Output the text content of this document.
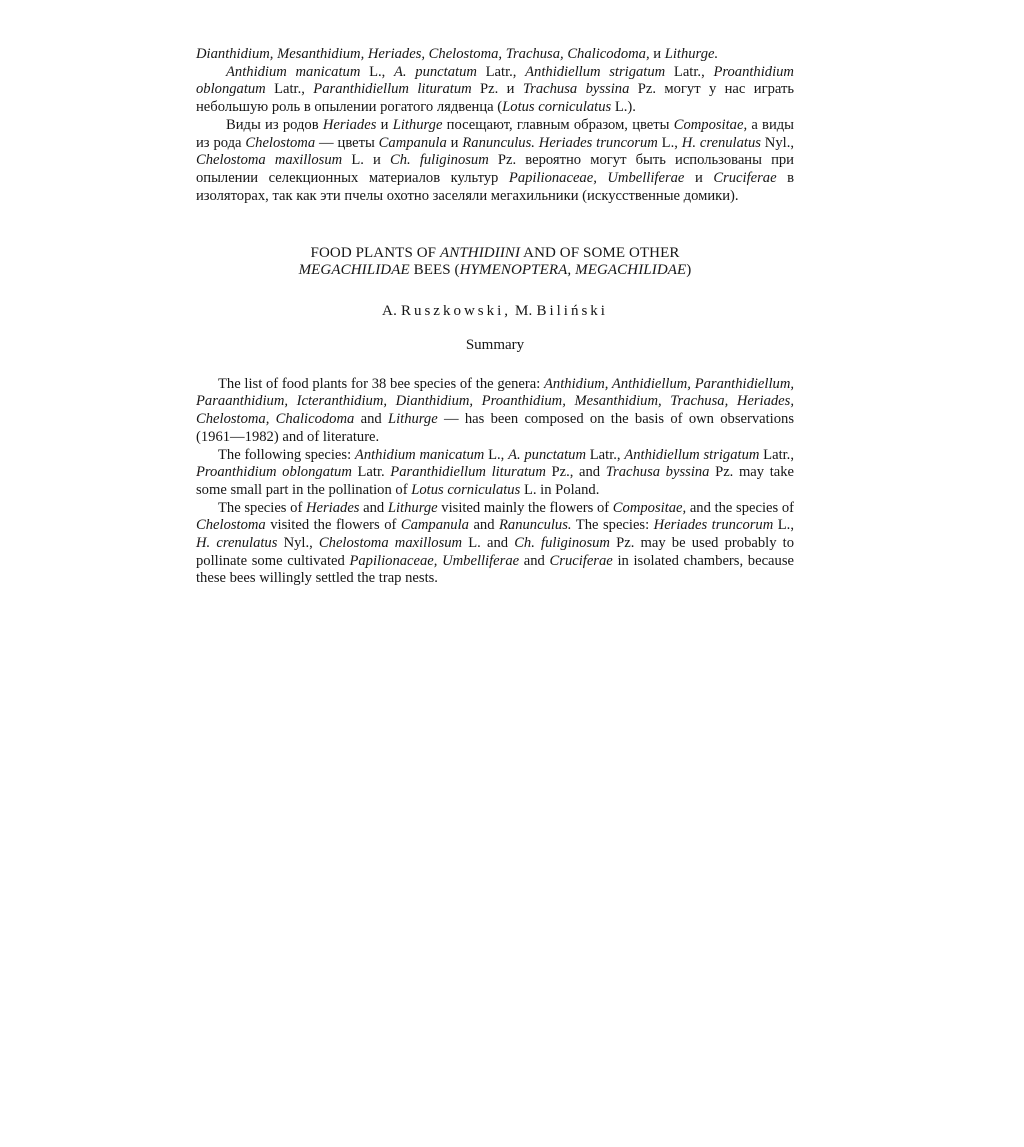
Dianthidium, Mesanthidium, Heriades, Chelostoma, Trachusa, Chalicodoma, и Lithurge.

Anthidium manicatum L., A. punctatum Latr., Anthidiellum strigatum Latr., Proanthidium oblongatum Latr., Paranthidiellum lituratum Pz. и Trachusa byssina Pz. могут у нас играть небольшую роль в опылении рогатого лядвенца (Lotus corniculatus L.).

Виды из родов Heriades и Lithurge посещают, главным образом, цветы Compositae, а виды из рода Chelostoma — цветы Campanula и Ranunculus. Heriades truncorum L., H. crenulatus Nyl., Chelostoma maxillosum L. и Ch. fuliginosum Pz. вероятно могут быть использованы при опылении селекционных материалов культур Papilionaceae, Umbelliferae и Cruciferae в изоляторах, так как эти пчелы охотно заселяли мегахильники (искусственные домики).

FOOD PLANTS OF ANTHIDIINI AND OF SOME OTHER
MEGACHILIDAE BEES (HYMENOPTERA, MEGACHILIDAE)
A. Ruszkowski, M. Biliński
Summary

The list of food plants for 38 bee species of the genera: Anthidium, Anthidiellum, Paranthidiellum, Paraanthidium, Icteranthidium, Dianthidium, Proanthidium, Mesanthidium, Trachusa, Heriades, Chelostoma, Chalicodoma and Lithurge — has been composed on the basis of own observations (1961—1982) and of literature.

The following species: Anthidium manicatum L., A. punctatum Latr., Anthidiellum strigatum Latr., Proanthidium oblongatum Latr. Paranthidiellum lituratum Pz., and Trachusa byssina Pz. may take some small part in the pollination of Lotus corniculatus L. in Poland.

The species of Heriades and Lithurge visited mainly the flowers of Compositae, and the species of Chelostoma visited the flowers of Campanula and Ranunculus. The species: Heriades truncorum L., H. crenulatus Nyl., Chelostoma maxillosum L. and Ch. fuliginosum Pz. may be used probably to pollinate some cultivated Papilionaceae, Umbelliferae and Cruciferae in isolated chambers, because these bees willingly settled the trap nests.
